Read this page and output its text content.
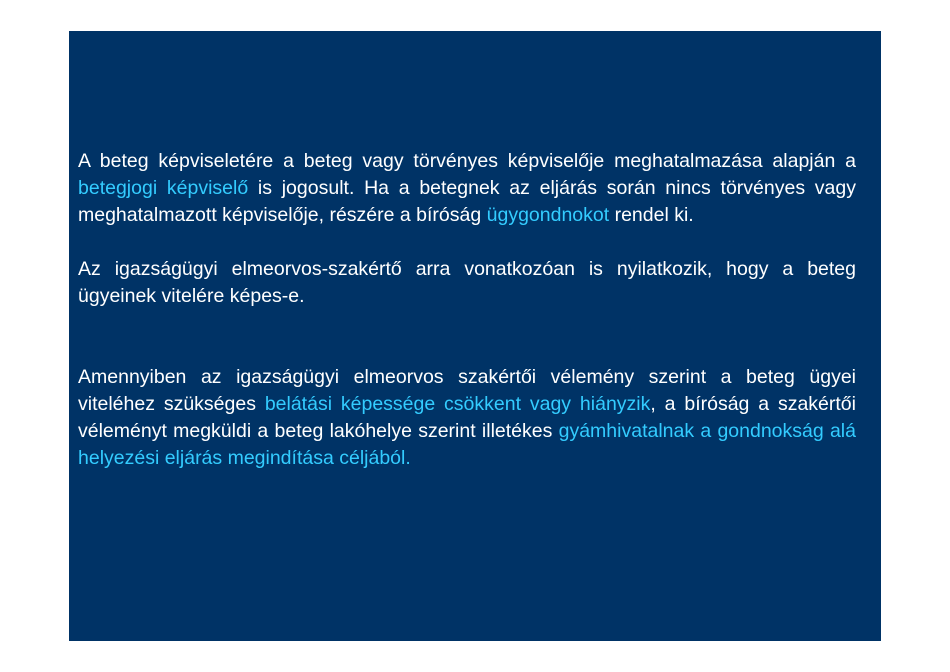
A beteg képviseletére a beteg vagy törvényes képviselője meghatalmazása alapján a betegjogi képviselő is jogosult. Ha a betegnek az eljárás során nincs törvényes vagy meghatalmazott képviselője, részére a bíróság ügygondnokot rendel ki.

Az igazságügyi elmeorvos-szakértő arra vonatkozóan is nyilatkozik, hogy a beteg ügyeinek vitelére képes-e.

Amennyiben az igazságügyi elmeorvos szakértői vélemény szerint a beteg ügyei viteléhez szükséges belátási képessége csökkent vagy hiányzik, a bíróság a szakértői véleményt megküldi a beteg lakóhelye szerint illetékes gyámhivatalnak a gondnokság alá helyezési eljárás megindítása céljából.
